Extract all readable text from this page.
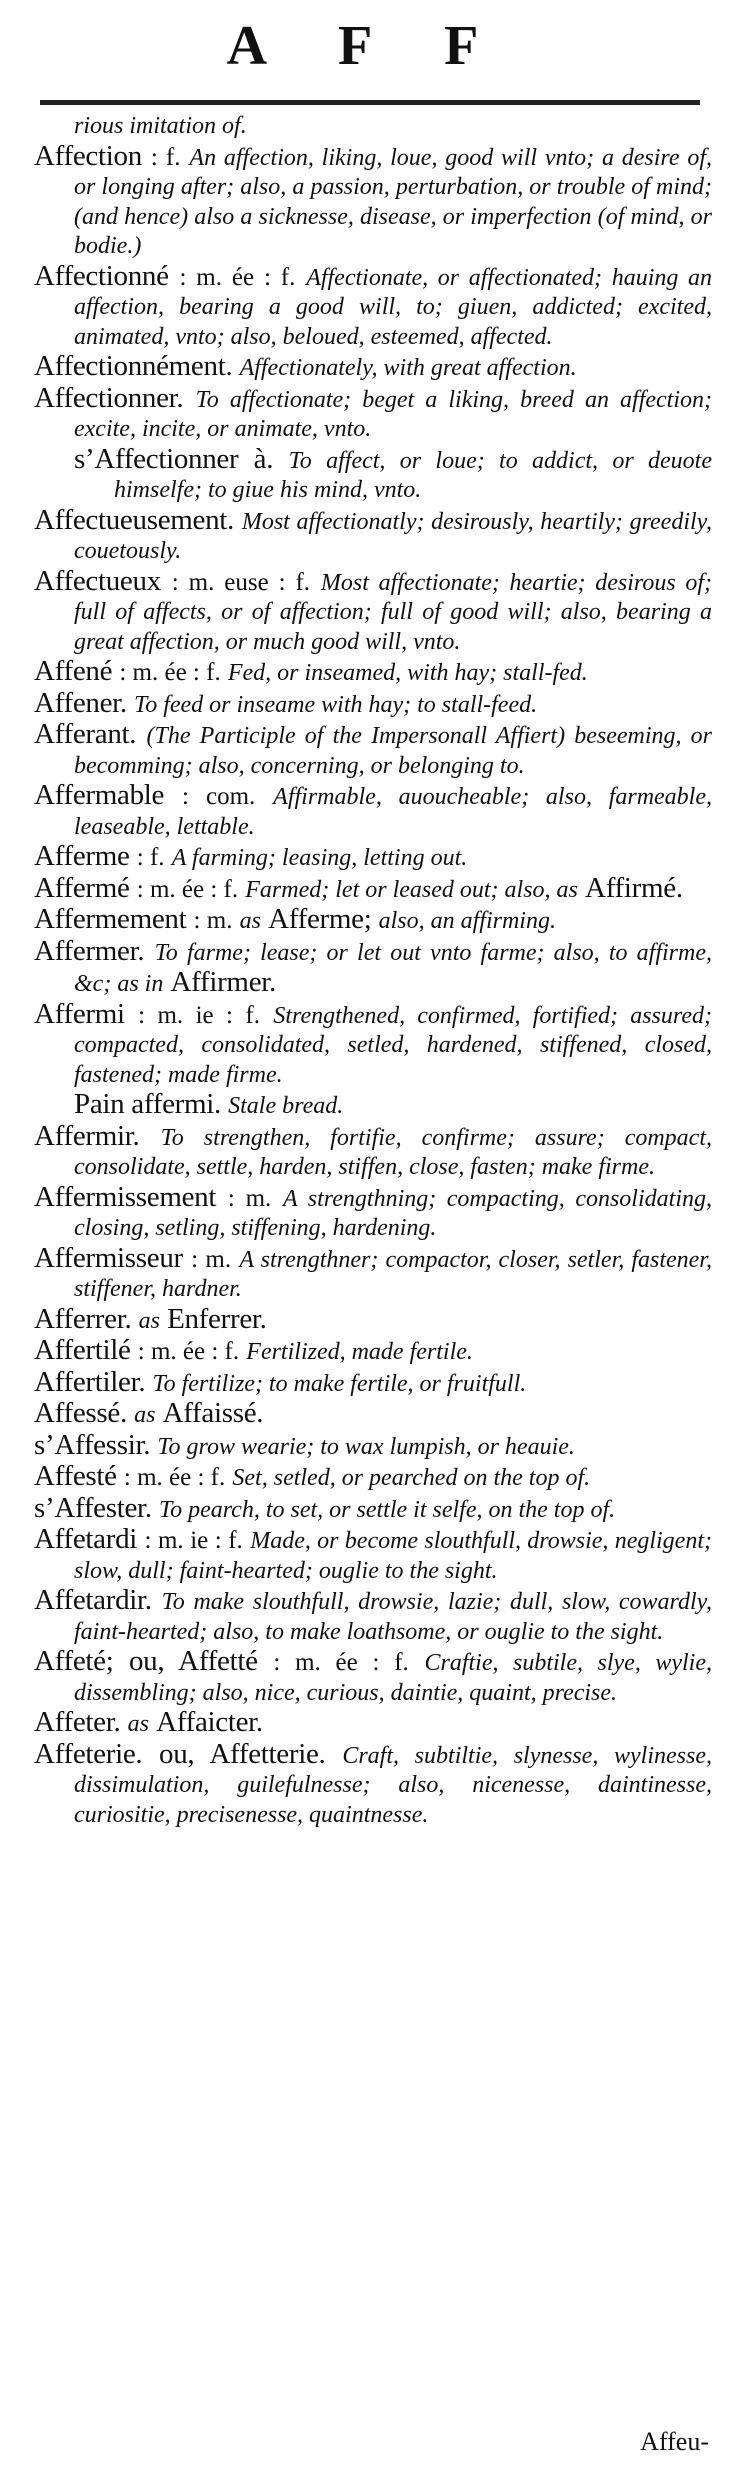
A F F

rious imitation of.

Affection : f. An affection, liking, loue, good will vnto; a desire of, or longing after; also, a passion, perturbation, or trouble of mind; (and hence) also a sicknesse, disease, or imperfection (of mind, or bodie.)

Affectionné : m. ée : f. Affectionate, or affectionated; hauing an affection, bearing a good will, to; giuen, addicted; excited, animated, vnto; also, beloued, esteemed, affected.

Affectionnément. Affectionately, with great affection.

Affectionner. To affectionate; beget a liking, breed an affection; excite, incite, or animate, vnto.

s’Affectionner à. To affect, or loue; to addict, or deuote himselfe; to giue his mind, vnto.

Affectueusement. Most affectionatly; desirously, heartily; greedily, couetously.

Affectueux : m. euse : f. Most affectionate; heartie; desirous of; full of affects, or of affection; full of good will; also, bearing a great affection, or much good will, vnto.

Affené : m. ée : f. Fed, or inseamed, with hay; stall-fed.

Affener. To feed or inseame with hay; to stall-feed.

Afferant. (The Participle of the Impersonall Affiert) beseeming, or becomming; also, concerning, or belonging to.

Affermable : com. Affirmable, auoucheable; also, farmeable, leaseable, lettable.

Afferme : f. A farming; leasing, letting out.

Affermé : m. ée : f. Farmed; let or leased out; also, as Affirmé.

Affermement : m. as Afferme; also, an affirming.

Affermer. To farme; lease; or let out vnto farme; also, to affirme, &c; as in Affirmer.

Affermi : m. ie : f. Strengthened, confirmed, fortified; assured; compacted, consolidated, setled, hardened, stiffened, closed, fastened; made firme.

Pain affermi. Stale bread.

Affermir. To strengthen, fortifie, confirme; assure; compact, consolidate, settle, harden, stiffen, close, fasten; make firme.

Affermissement : m. A strengthning; compacting, consolidating, closing, setling, stiffening, hardening.

Affermisseur : m. A strengthner; compactor, closer, setler, fastener, stiffener, hardner.

Afferrer. as Enferrer.

Affertilé : m. ée : f. Fertilized, made fertile.

Affertiler. To fertilize; to make fertile, or fruitfull.

Affessé. as Affaissé.

s’Affessir. To grow wearie; to wax lumpish, or heauie.

Affesté : m. ée : f. Set, setled, or pearched on the top of.

s’Affester. To pearch, to set, or settle it selfe, on the top of.

Affetardi : m. ie : f. Made, or become slouthfull, drowsie, negligent; slow, dull; faint-hearted; ouglie to the sight.

Affetardir. To make slouthfull, drowsie, lazie; dull, slow, cowardly, faint-hearted; also, to make loathsome, or ouglie to the sight.

Affeté; ou, Affetté : m. ée : f. Craftie, subtile, slye, wylie, dissembling; also, nice, curious, daintie, quaint, precise.

Affeter. as Affaicter.

Affeterie. ou, Affetterie. Craft, subtiltie, slynesse, wylinesse, dissimulation, guilefulnesse; also, nicenesse, daintinesse, curiositie, precisenesse, quaintnesse.

Affeu-
